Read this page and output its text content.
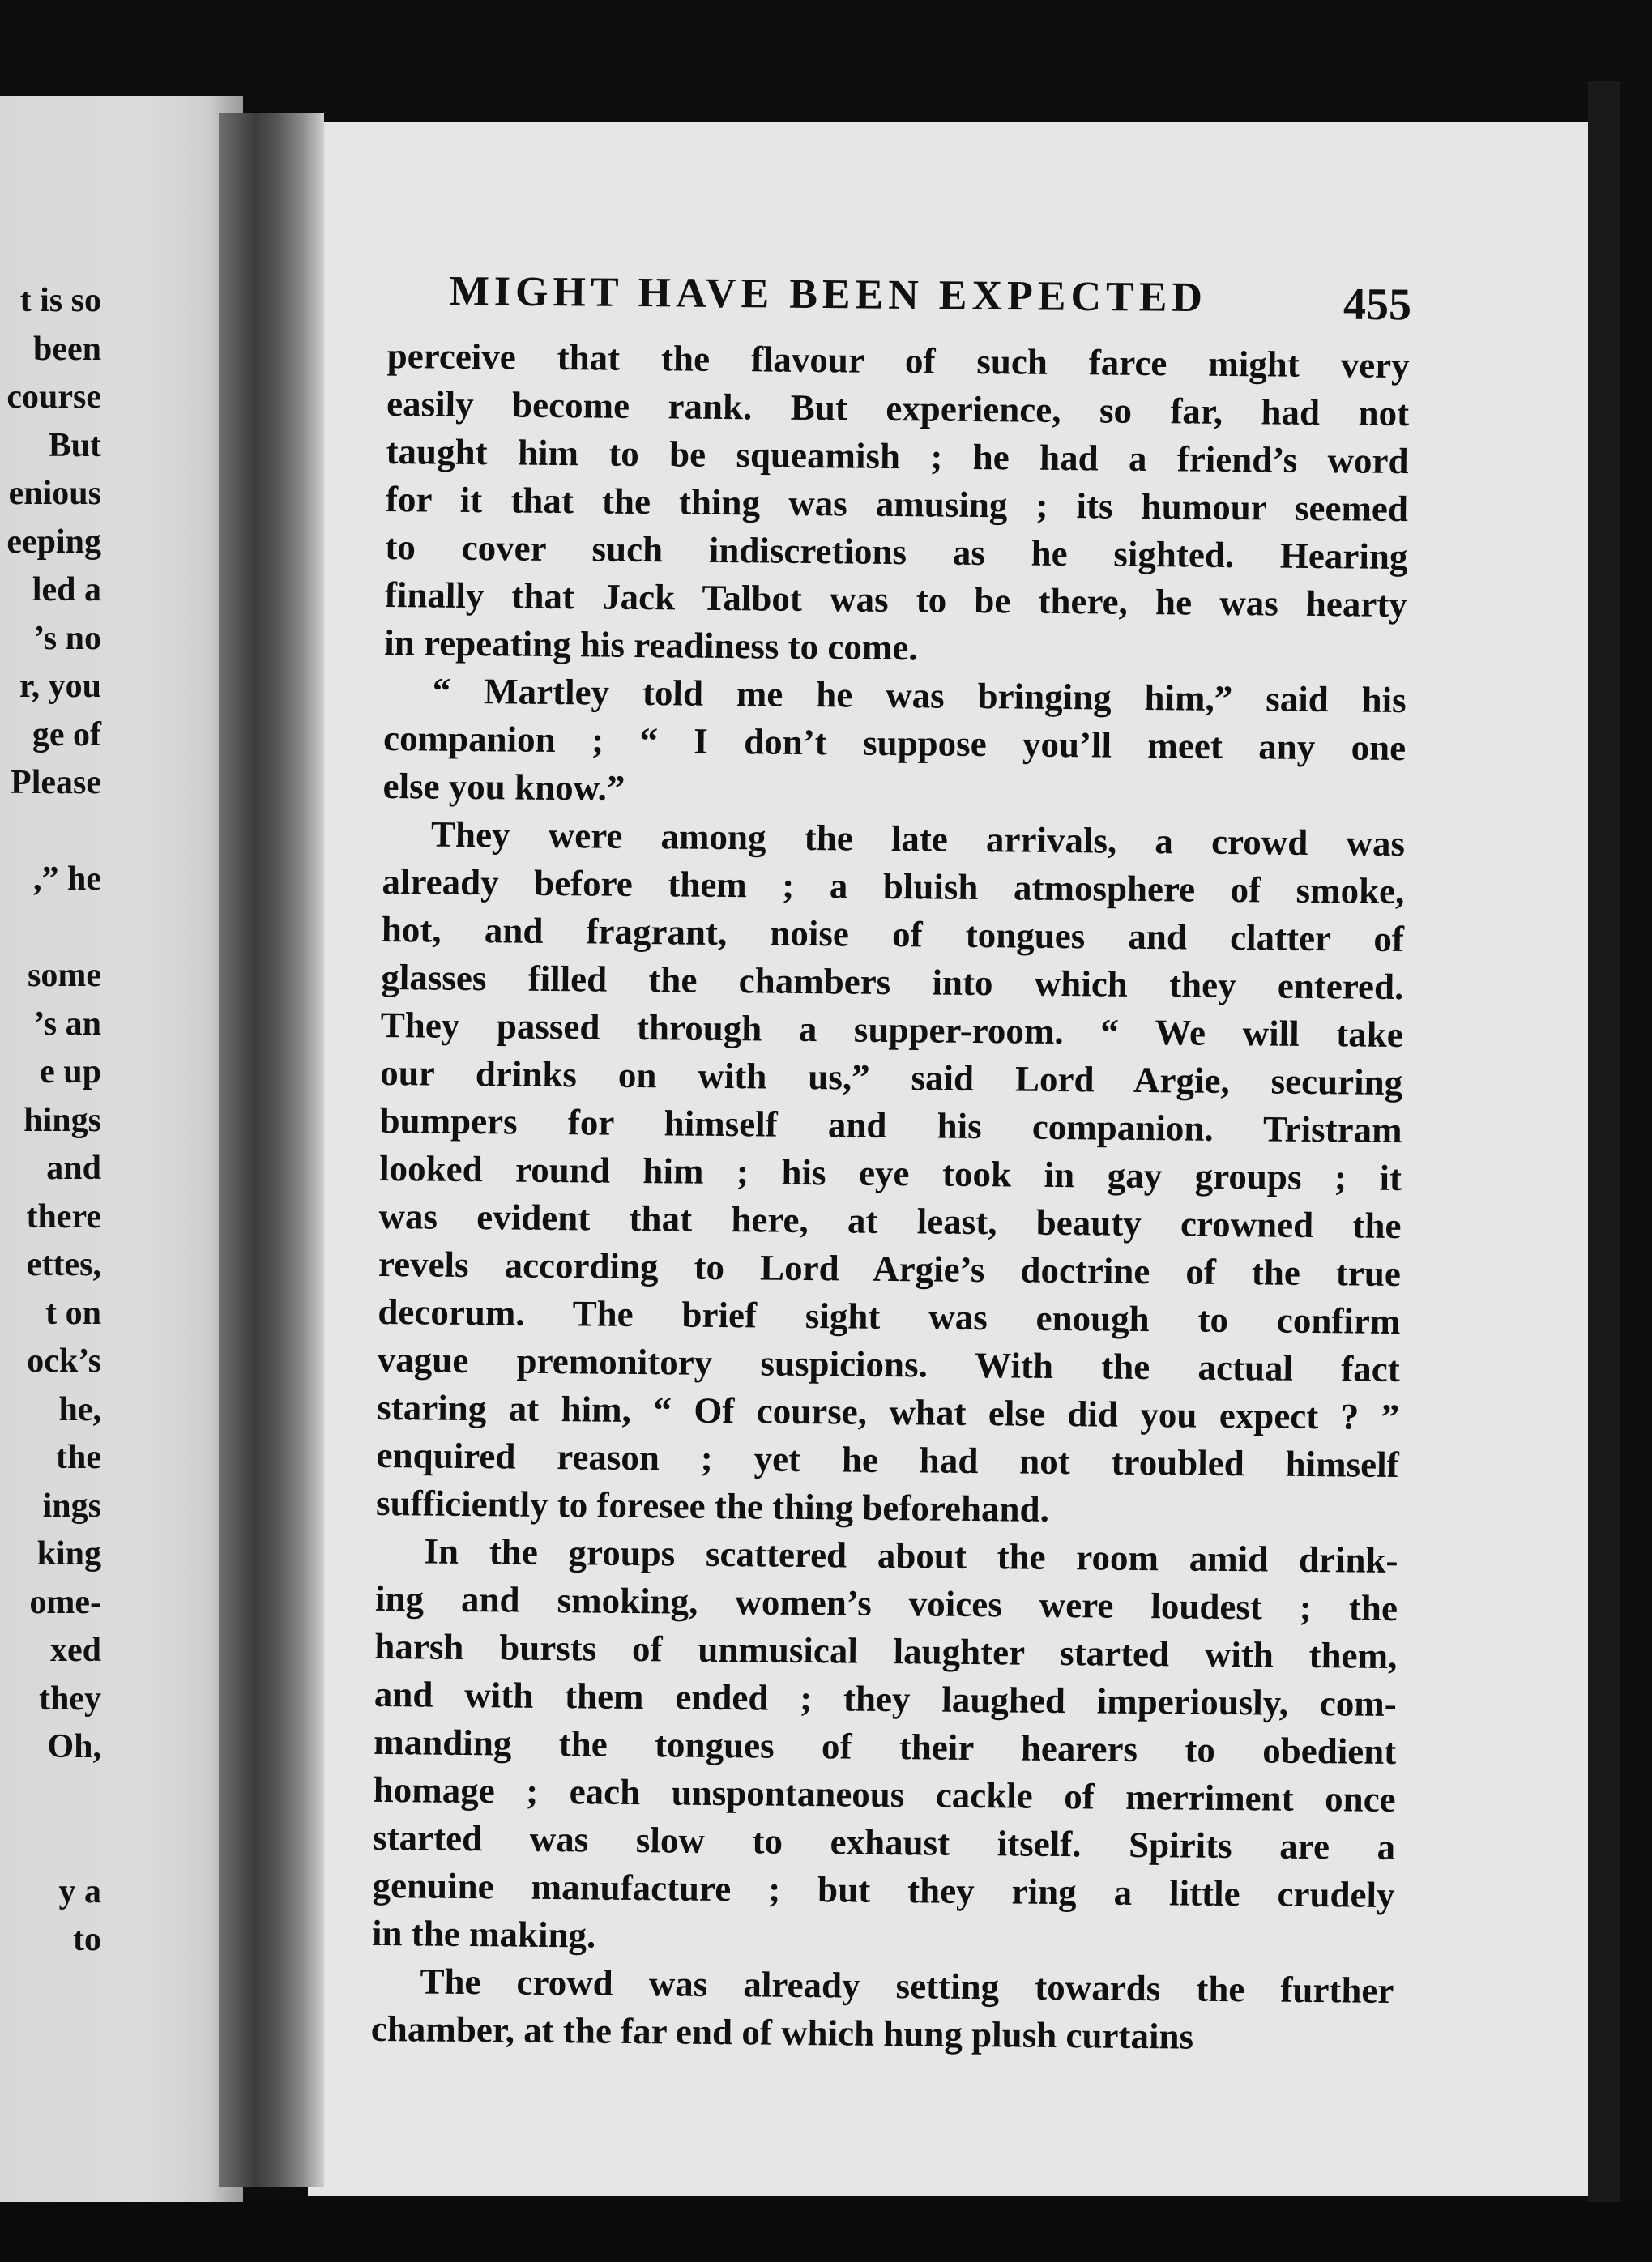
t is so
been
course
But
enious
eeping
led a
’s no
r, you
ge of
Please
,” he
some
’s an
e up
hings
and
there
ettes,
t on
ock’s
he,
the
ings
king
ome-
xed
they
Oh,
y a
to
MIGHT HAVE BEEN EXPECTED	455
perceive that the flavour of such farce might very
easily become rank. But experience, so far, had not
taught him to be squeamish ; he had a friend’s word
for it that the thing was amusing ; its humour seemed
to cover such indiscretions as he sighted. Hearing
finally that Jack Talbot was to be there, he was hearty
in repeating his readiness to come.
“ Martley told me he was bringing him,” said his
companion ; “ I don’t suppose you’ll meet any one
else you know.”
They were among the late arrivals, a crowd was
already before them ; a bluish atmosphere of smoke,
hot, and fragrant, noise of tongues and clatter of
glasses filled the chambers into which they entered.
They passed through a supper-room. “ We will take
our drinks on with us,” said Lord Argie, securing
bumpers for himself and his companion. Tristram
looked round him ; his eye took in gay groups ; it
was evident that here, at least, beauty crowned the
revels according to Lord Argie’s doctrine of the true
decorum. The brief sight was enough to confirm
vague premonitory suspicions. With the actual fact
staring at him, “ Of course, what else did you expect ? ”
enquired reason ; yet he had not troubled himself
sufficiently to foresee the thing beforehand.
In the groups scattered about the room amid drink-
ing and smoking, women’s voices were loudest ; the
harsh bursts of unmusical laughter started with them,
and with them ended ; they laughed imperiously, com-
manding the tongues of their hearers to obedient
homage ; each unspontaneous cackle of merriment once
started was slow to exhaust itself. Spirits are a
genuine manufacture ; but they ring a little crudely
in the making.
The crowd was already setting towards the further
chamber, at the far end of which hung plush curtains
